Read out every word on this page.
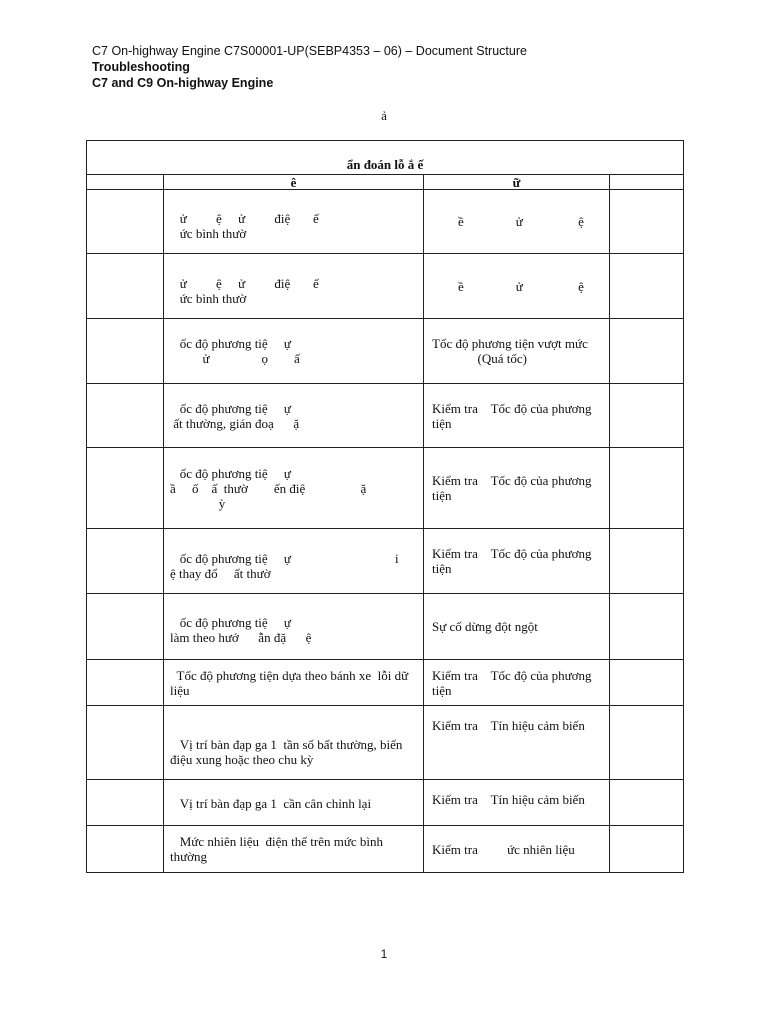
C7 On-highway Engine C7S00001-UP(SEBP4353 – 06) – Document Structure
Troubleshooting
C7 and C9 On-highway Engine
ả
ẩn đoán lỗ ắ ế			
	ê	ữ	

	ử         ệ     ử         điệ       ế
ức bình thườ	ề                ử                 ệ	

	ử         ệ     ử         điệ       ế
ức bình thườ	ề                ử                 ệ	

	ốc độ phương tiệ     ự
ử                ọ        ấ	Tốc độ phương tiện vượt mức
(Quá tốc)	

	ốc độ phương tiệ     ự
ất thường, gián đoạ      ặ	Kiểm tra    Tốc độ của phương
tiện	

	ốc độ phương tiệ     ự
ầ     ố    ấ  thườ        ến điệ                 ặ
ỳ	Kiểm tra    Tốc độ của phương
tiện	

	ốc độ phương tiệ     ự                                i
ệ thay đổ     ất thườ	Kiểm tra    Tốc độ của phương
tiện	

	ốc độ phương tiệ     ự
làm theo hướ      ẫn đặ      ệ	Sự cố dừng đột ngột	

	Tốc độ phương tiện dựa theo bánh xe  lỗi dữ
liệu	Kiểm tra    Tốc độ của phương
tiện	

	Vị trí bàn đạp ga 1  tần số bất thường, biến
điệu xung hoặc theo chu kỳ	Kiểm tra    Tín hiệu cảm biến	

	Vị trí bàn đạp ga 1  cần cân chỉnh lại	Kiểm tra    Tín hiệu cảm biến	

	Mức nhiên liệu  điện thế trên mức bình
thường	Kiểm tra         ức nhiên liệu	

1
